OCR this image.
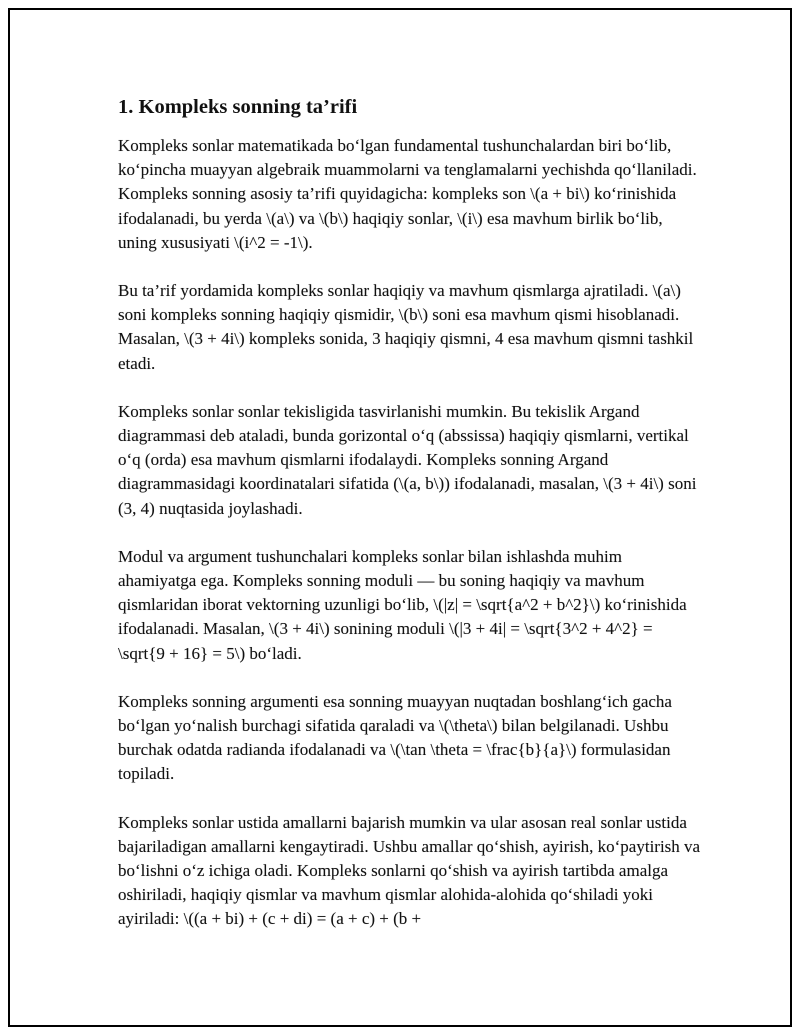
1. Kompleks sonning ta’rifi

Kompleks sonlar matematikada bo‘lgan fundamental tushunchalardan biri bo‘lib, ko‘pincha muayyan algebraik muammolarni va tenglamalarni yechishda qo‘llaniladi. Kompleks sonning asosiy ta’rifi quyidagicha: kompleks son \(a + bi\) ko‘rinishida ifodalanadi, bu yerda \(a\) va \(b\) haqiqiy sonlar, \(i\) esa mavhum birlik bo‘lib, uning xususiyati \(i^2 = -1\).

Bu ta’rif yordamida kompleks sonlar haqiqiy va mavhum qismlarga ajratiladi. \(a\) soni kompleks sonning haqiqiy qismidir, \(b\) soni esa mavhum qismi hisoblanadi. Masalan, \(3 + 4i\) kompleks sonida, 3 haqiqiy qismni, 4 esa mavhum qismni tashkil etadi.

Kompleks sonlar sonlar tekisligida tasvirlanishi mumkin. Bu tekislik Argand diagrammasi deb ataladi, bunda gorizontal o‘q (abssissa) haqiqiy qismlarni, vertikal o‘q (orda) esa mavhum qismlarni ifodalaydi. Kompleks sonning Argand diagrammasidagi koordinatalari sifatida (\(a, b\)) ifodalanadi, masalan, \(3 + 4i\) soni (3, 4) nuqtasida joylashadi.

Modul va argument tushunchalari kompleks sonlar bilan ishlashda muhim ahamiyatga ega. Kompleks sonning moduli — bu soning haqiqiy va mavhum qismlaridan iborat vektorning uzunligi bo‘lib, \(|z| = \sqrt{a^2 + b^2}\) ko‘rinishida ifodalanadi. Masalan, \(3 + 4i\) sonining moduli \(|3 + 4i| = \sqrt{3^2 + 4^2} = \sqrt{9 + 16} = 5\) bo‘ladi.

Kompleks sonning argumenti esa sonning muayyan nuqtadan boshlang‘ich gacha bo‘lgan yo‘nalish burchagi sifatida qaraladi va \(\theta\) bilan belgilanadi. Ushbu burchak odatda radianda ifodalanadi va \(\tan \theta = \frac{b}{a}\) formulasidan topiladi.

Kompleks sonlar ustida amallarni bajarish mumkin va ular asosan real sonlar ustida bajariladigan amallarni kengaytiradi. Ushbu amallar qo‘shish, ayirish, ko‘paytirish va bo‘lishni o‘z ichiga oladi. Kompleks sonlarni qo‘shish va ayirish tartibda amalga oshiriladi, haqiqiy qismlar va mavhum qismlar alohida-alohida qo‘shiladi yoki ayiriladi: \((a + bi) + (c + di) = (a + c) + (b +
